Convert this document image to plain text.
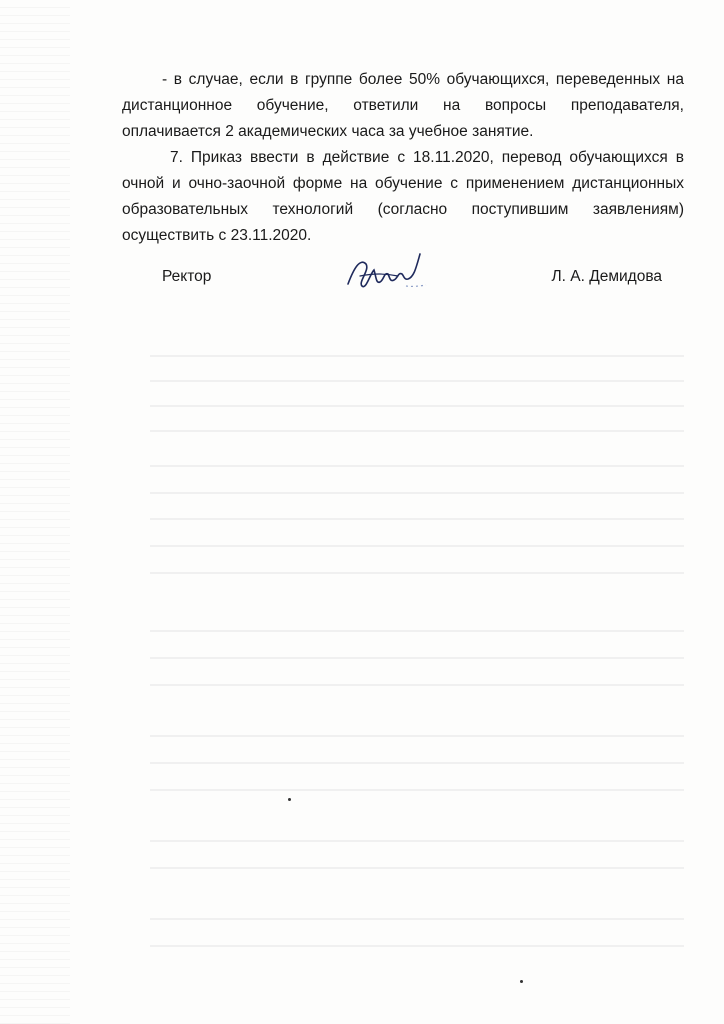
- в случае, если в группе более 50% обучающихся, переведенных на дистанционное обучение, ответили на вопросы преподавателя, оплачивается 2 академических часа за учебное занятие.

7. Приказ ввести в действие с 18.11.2020, перевод обучающихся в очной и очно-заочной форме на обучение с применением дистанционных образовательных технологий (согласно поступившим заявлениям) осуществить с 23.11.2020.

Ректор	Л. А. Демидова
